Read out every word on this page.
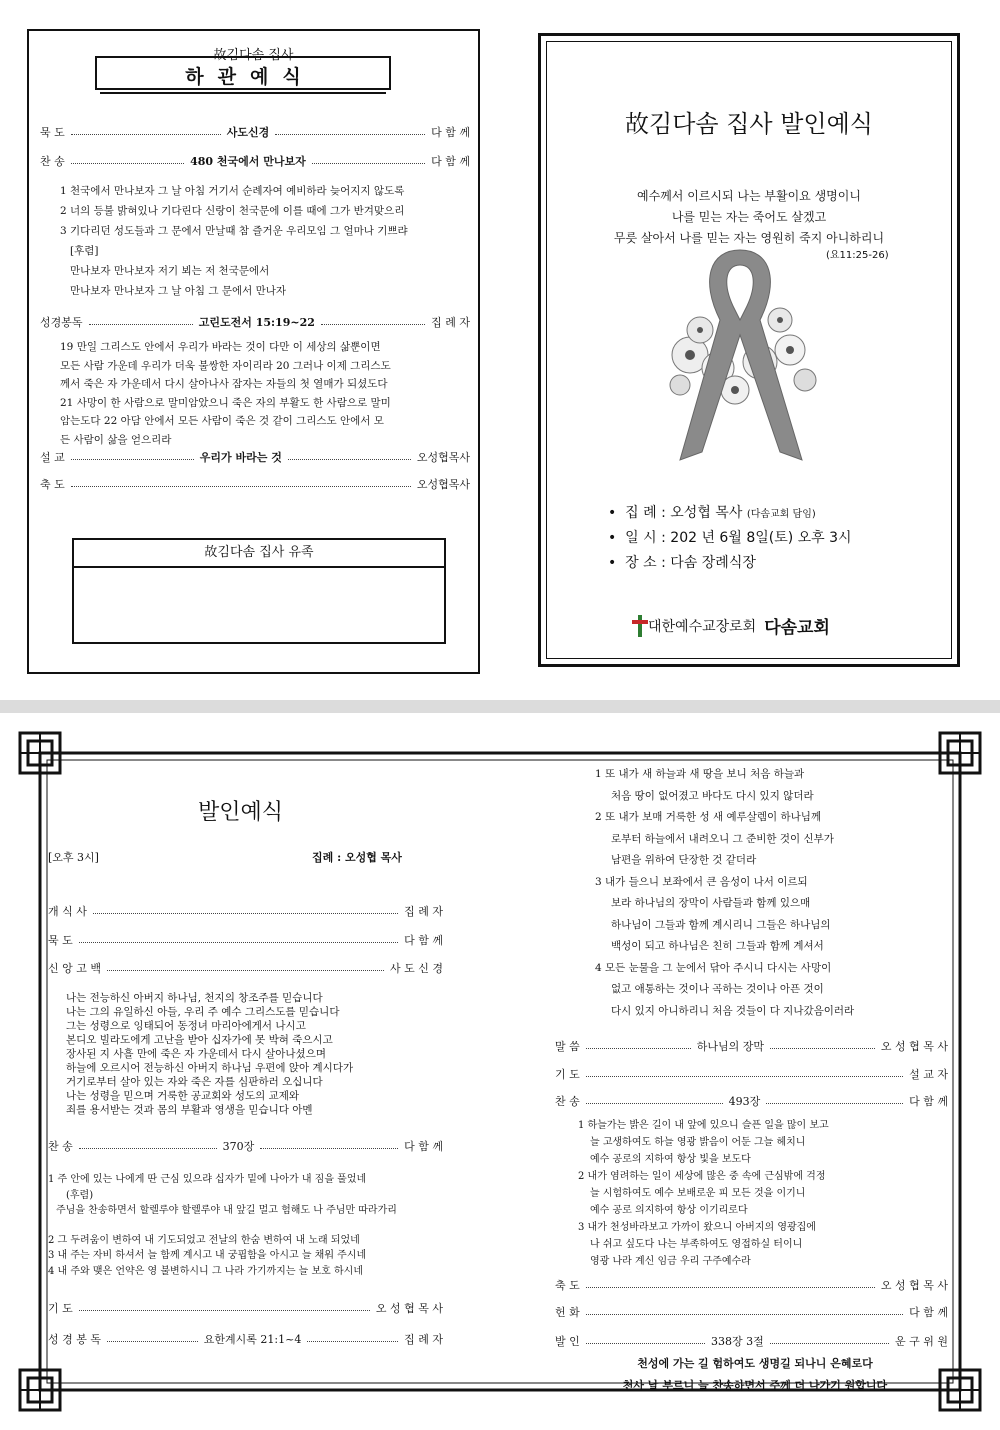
故김다솜 집사
하관예식
묵 도	사도신경	다 함 께
찬 송	480 천국에서 만나보자	다 함 께
1 천국에서 만나보자 그 날 아침 거기서 순례자여 예비하라 늦어지지 않도록
2 너의 등불 밝혀있나 기다린다 신랑이 천국문에 이를 때에 그가 반겨맞으리
3 기다리던 성도들과 그 문에서 만날때 참 즐거운 우리모임 그 얼마나 기쁘랴
[후렴]
만나보자 만나보자 저기 뵈는 저 천국문에서
만나보자 만나보자 그 날 아침 그 문에서 만나자
성경봉독	고린도전서 15:19~22	집 례 자
19 만일 그리스도 안에서 우리가 바라는 것이 다만 이 세상의 삶뿐이면
모든 사람 가운데 우리가 더욱 불쌍한 자이리라 20 그러나 이제 그리스도
께서 죽은 자 가운데서 다시 살아나사 잠자는 자들의 첫 열매가 되셨도다
21 사망이 한 사람으로 말미암았으니 죽은 자의 부활도 한 사람으로 말미
암는도다 22 아담 안에서 모든 사람이 죽은 것 같이 그리스도 안에서 모
든 사람이 삶을 얻으리라
설 교	우리가 바라는 것	오성협목사
축 도	오성협목사
故김다솜 집사 유족
故김다솜 집사 발인예식
예수께서 이르시되 나는 부활이요 생명이니
나를 믿는 자는 죽어도 살겠고
무릇 살아서 나를 믿는 자는 영원히 죽지 아니하리니
(요11:25-26)
•  집 례 : 오성협 목사 (다솜교회 담임)
•  일 시 : 202 년 6월 8일(토) 오후 3시
•  장 소 : 다솜 장례식장
대한예수교장로회 다솜교회
발인예식
[오후 3시]	집례 : 오성협 목사
개 식 사	집 례 자
묵 도	다 함 께
신 앙 고 백	사 도 신 경
나는 전능하신 아버지 하나님, 천지의 창조주를 믿습니다
나는 그의 유일하신 아들, 우리 주 예수 그리스도를 믿습니다
그는 성령으로 잉태되어 동정녀 마리아에게서 나시고
본디오 빌라도에게 고난을 받아 십자가에 못 박혀 죽으시고
장사된 지 사흘 만에 죽은 자 가운데서 다시 살아나셨으며
하늘에 오르시어 전능하신 아버지 하나님 우편에 앉아 계시다가
거기로부터 살아 있는 자와 죽은 자를 심판하러 오십니다
나는 성령을 믿으며 거룩한 공교회와 성도의 교제와
죄를 용서받는 것과 몸의 부활과 영생을 믿습니다 아멘
찬 송	370장	다 함 께
1 주 안에 있는 나에게 딴 근심 있으랴 십자가 밑에 나아가 내 짐을 풀었네
(후렴)
주님을 찬송하면서 할렐루야 할렐루야 내 앞길 멀고 험해도 나 주님만 따라가리
2 그 두려움이 변하여 내 기도되었고 전날의 한숨 변하여 내 노래 되었네
3 내 주는 자비 하셔서 늘 함께 계시고 내 궁핍함을 아시고 늘 채워 주시네
4 내 주와 맺은 언약은 영 불변하시니 그 나라 가기까지는 늘 보호 하시네
기 도	오 성 협 목 사
성 경 봉 독	요한계시록 21:1~4	집 례 자
1 또 내가 새 하늘과 새 땅을 보니 처음 하늘과
처음 땅이 없어졌고 바다도 다시 있지 않더라
2 또 내가 보매 거룩한 성 새 예루살렘이 하나님께
로부터 하늘에서 내려오니 그 준비한 것이 신부가
남편을 위하여 단장한 것 같더라
3 내가 들으니 보좌에서 큰 음성이 나서 이르되
보라 하나님의 장막이 사람들과 함께 있으매
하나님이 그들과 함께 계시리니 그들은 하나님의
백성이 되고 하나님은 친히 그들과 함께 계셔서
4 모든 눈물을 그 눈에서 닦아 주시니 다시는 사망이
없고 애통하는 것이나 곡하는 것이나 아픈 것이
다시 있지 아니하리니 처음 것들이 다 지나갔음이러라
말 씀	하나님의 장막	오 성 협 목 사
기 도	설 교 자
찬 송	493장	다 함 께
1 하늘가는 밝은 길이 내 앞에 있으니 슬픈 일을 많이 보고
늘 고생하여도 하늘 영광 밝음이 어둔 그늘 헤치니
예수 공로의 지하여 항상 빛을 보도다
2 내가 염려하는 일이 세상에 많은 중 속에 근심밖에 걱정
늘 시험하여도 예수 보배로운 피 모든 것을 이기니
예수 공로 의지하여 항상 이기리로다
3 내가 천성바라보고 가까이 왔으니 아버지의 영광집에
나 쉬고 싶도다 나는 부족하여도 영접하실 터이니
영광 나라 계신 임금 우리 구주예수라
축 도	오 성 협 목 사
헌 화	다 함 께
발 인	338장 3절	운 구 위 원
천성에 가는 길 험하여도 생명길 되나니 은혜로다
천사 날 부르니 늘 찬송하면서 주께 더 나가기 원합니다
